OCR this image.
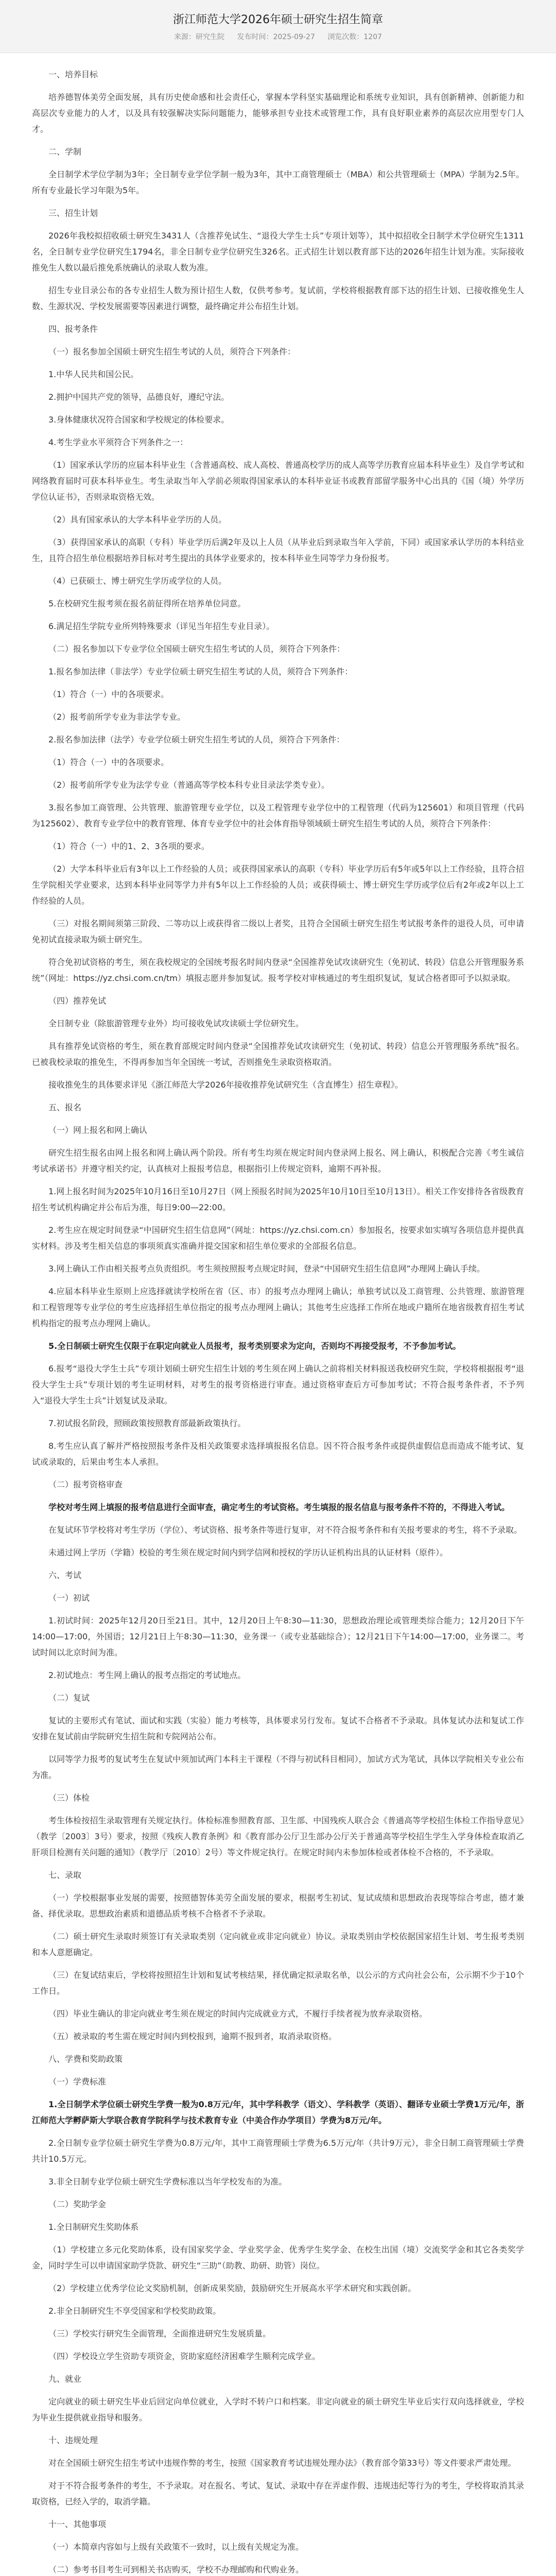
浙江师范大学2026年硕士研究生招生简章
来源：研究生院 发布时间：2025-09-27 浏览次数：1207

一、培养目标

培养德智体美劳全面发展，具有历史使命感和社会责任心，掌握本学科坚实基础理论和系统专业知识，具有创新精神、创新能力和高层次专业能力的人才，以及具有较强解决实际问题能力，能够承担专业技术或管理工作，具有良好职业素养的高层次应用型专门人才。

二、学制

全日制学术学位学制为3年；全日制专业学位学制一般为3年，其中工商管理硕士（MBA）和公共管理硕士（MPA）学制为2.5年。所有专业最长学习年限为5年。

三、招生计划

2026年我校拟招收硕士研究生3431人（含推荐免试生、“退役大学生士兵”专项计划等），其中拟招收全日制学术学位研究生1311名，全日制专业学位研究生1794名，非全日制专业学位研究生326名。正式招生计划以教育部下达的2026年招生计划为准。实际接收推免生人数以最后推免系统确认的录取人数为准。

招生专业目录公布的各专业招生人数为预计招生人数，仅供考参考。复试前，学校将根据教育部下达的招生计划、已接收推免生人数、生源状况、学校发展需要等因素进行调整，最终确定并公布招生计划。

四、报考条件

（一）报名参加全国硕士研究生招生考试的人员，须符合下列条件：

1.中华人民共和国公民。

2.拥护中国共产党的领导，品德良好，遵纪守法。

3.身体健康状况符合国家和学校规定的体检要求。

4.考生学业水平须符合下列条件之一：

（1）国家承认学历的应届本科毕业生（含普通高校、成人高校、普通高校学历的成人高等学历教育应届本科毕业生）及自学考试和网络教育届时可获本科毕业生。考生录取当年入学前必须取得国家承认的本科毕业证书或教育部留学服务中心出具的《国（境）外学历学位认证书》，否则录取资格无效。

（2）具有国家承认的大学本科毕业学历的人员。

（3）获得国家承认的高职（专科）毕业学历后满2年及以上人员（从毕业后到录取当年入学前，下同）或国家承认学历的本科结业生，且符合招生单位根据培养目标对考生提出的具体学业要求的，按本科毕业生同等学力身份报考。

（4）已获硕士、博士研究生学历或学位的人员。

5.在校研究生报考须在报名前征得所在培养单位同意。

6.满足招生学院专业所列特殊要求（详见当年招生专业目录）。

（二）报名参加以下专业学位全国硕士研究生招生考试的人员，须符合下列条件：

1.报名参加法律（非法学）专业学位硕士研究生招生考试的人员，须符合下列条件：

（1）符合（一）中的各项要求。

（2）报考前所学专业为非法学专业。

2.报名参加法律（法学）专业学位硕士研究生招生考试的人员，须符合下列条件：

（1）符合（一）中的各项要求。

（2）报考前所学专业为法学专业（普通高等学校本科专业目录法学类专业）。

3.报名参加工商管理、公共管理、旅游管理专业学位，以及工程管理专业学位中的工程管理（代码为125601）和项目管理（代码为125602）、教育专业学位中的教育管理、体育专业学位中的社会体育指导领域硕士研究生招生考试的人员，须符合下列条件：

（1）符合（一）中的1、2、3各项的要求。

（2）大学本科毕业后有3年以上工作经验的人员；或获得国家承认的高职（专科）毕业学历后有5年或5年以上工作经验，且符合招生学院相关学业要求，达到本科毕业同等学力并有5年以上工作经验的人员；或获得硕士、博士研究生学历或学位后有2年或2年以上工作经验的人员。

（三）对报名期间须第三阶段、二等功以上或获得省二级以上者奖，且符合全国硕士研究生招生考试报考条件的退役人员，可申请免初试直接录取为硕士研究生。

符合免初试资格的考生，须在我校规定的全国统考报名时间内登录“全国推荐免试攻读研究生（免初试、转段）信息公开管理服务系统”（网址：https://yz.chsi.com.cn/tm）填报志愿并参加复试。报考学校对审核通过的考生组织复试，复试合格者即可予以拟录取。

（四）推荐免试

全日制专业（除旅游管理专业外）均可接收免试攻读硕士学位研究生。

具有推荐免试资格的考生，须在教育部规定时间内登录“全国推荐免试攻读研究生（免初试、转段）信息公开管理服务系统”报名。已被我校录取的推免生，不得再参加当年全国统一考试，否则推免生录取资格取消。

接收推免生的具体要求详见《浙江师范大学2026年接收推荐免试研究生（含直博生）招生章程》。

五、报名

（一）网上报名和网上确认

研究生招生报名由网上报名和网上确认两个阶段。所有考生均须在规定时间内登录网上报名、网上确认，积极配合完善《考生诚信考试承诺书》并遵守相关约定，认真核对上报报考信息，根据指引上传规定资料，逾期不再补报。

1.网上报名时间为2025年10月16日至10月27日（网上预报名时间为2025年10月10日至10月13日）。相关工作安排待各省级教育招生考试机构确定并公布后为准，每日9:00—22:00。

2.考生应在规定时间登录“中国研究生招生信息网”（网址：https://yz.chsi.com.cn）参加报名，按要求如实填写各项信息并提供真实材料。涉及考生相关信息的事项须真实准确并提交国家和招生单位要求的全部报名信息。

3.网上确认工作由相关报考点负责组织。考生须按照报考点规定时间，登录“中国研究生招生信息网”办理网上确认手续。

4.应届本科毕业生原则上应选择就读学校所在省（区、市）的报考点办理网上确认；单独考试以及工商管理、公共管理、旅游管理和工程管理等专业学位的考生应选择招生单位指定的报考点办理网上确认；其他考生应选择工作所在地或户籍所在地省级教育招生考试机构指定的报考点办理网上确认。

5.全日制硕士研究生仅限于在职定向就业人员报考，报考类别要求为定向，否则均不再接受报考，不予参加考试。

6.报考“退役大学生士兵”专项计划硕士研究生招生计划的考生须在网上确认之前将相关材料报送我校研究生院，学校将根据报考“退役大学生士兵”专项计划的考生证明材料，对考生的报考资格进行审查。通过资格审查后方可参加考试；不符合报考条件者，不予列入“退役大学生士兵”计划复试及录取。

7.初试报名阶段，照顾政策按照教育部最新政策执行。

8.考生应认真了解并严格按照报考条件及相关政策要求选择填报报名信息。因不符合报考条件或提供虚假信息而造成不能考试、复试或录取的，后果由考生本人承担。

（二）报考资格审查

学校对考生网上填报的报考信息进行全面审查，确定考生的考试资格。考生填报的报名信息与报考条件不符的，不得进入考试。

在复试环节学校将对考生学历（学位）、考试资格、报考条件等进行复审，对不符合报考条件和有关报考要求的考生，将不予录取。

未通过网上学历（学籍）校验的考生须在规定时间内到学信网和授权的学历认证机构出具的认证材料（原件）。

六、考试

（一）初试

1.初试时间：2025年12月20日至21日。其中，12月20日上午8:30—11:30，思想政治理论或管理类综合能力；12月20日下午14:00—17:00，外国语；12月21日上午8:30—11:30，业务课一（或专业基础综合）；12月21日下午14:00—17:00，业务课二。考试时间以北京时间为准。

2.初试地点：考生网上确认的报考点指定的考试地点。

（二）复试

复试的主要形式有笔试、面试和实践（实验）能力考核等，具体要求另行发布。复试不合格者不予录取。具体复试办法和复试工作安排在复试前由学院研究生招生院和专院网站公布。

以同等学力报考的复试考生在复试中须加试两门本科主干课程（不得与初试科目相同），加试方式为笔试，具体以学院相关专业公布为准。

（三）体检

考生体检按招生录取管理有关规定执行。体检标准参照教育部、卫生部、中国残疾人联合会《普通高等学校招生体检工作指导意见》（教学〔2003〕3号）要求，按照《残疾人教育条例》和《教育部办公厅卫生部办公厅关于普通高等学校招生学生入学身体检查取消乙肝项目检测有关问题的通知》（教学厅〔2010〕2号）等文件规定执行。在规定时间内未参加体检或者体检不合格的，不予录取。

七、录取

（一）学校根据事业发展的需要，按照德智体美劳全面发展的要求，根据考生初试、复试成绩和思想政治表现等综合考虑，德才兼备、择优录取。思想政治素质和道德品质考核不合格者不予录取。

（二）硕士研究生录取时须签订有关录取类别（定向就业或非定向就业）协议。录取类别由学校依据国家招生计划、考生报考类别和本人意愿确定。

（三）在复试结束后，学校将按照招生计划和复试考核结果，择优确定拟录取名单，以公示的方式向社会公布，公示期不少于10个工作日。

（四）毕业生确认的非定向就业考生须在规定的时间内完成就业方式，不履行手续者视为放弃录取资格。

（五）被录取的考生需在规定时间内到校报到，逾期不报到者，取消录取资格。

八、学费和奖助政策

（一）学费标准

1.全日制学术学位硕士研究生学费一般为0.8万元/年，其中学科教学（语文）、学科教学（英语）、翻译专业硕士学费1万元/年，浙江师范大学孵萨斯大学联合教育学院科学与技术教育专业（中美合作办学项目）学费为8万元/年。

2.全日制专业学位硕士研究生学费为0.8万元/年，其中工商管理硕士学费为6.5万元/年（共计9万元），非全日制工商管理硕士学费共计10.5万元。

3.非全日制专业学位硕士研究生学费标准以当年学校发布的为准。

（二）奖助学金

1.全日制研究生奖助体系

（1）学校建立多元化奖助体系，设有国家奖学金、学业奖学金、优秀学生奖学金、在校生出国（境）交流奖学金和其它各类奖学金，同时学生可以申请国家助学贷款、研究生“三助”（助教、助研、助管）岗位。

（2）学校建立优秀学位论文奖励机制，创新成果奖励，鼓励研究生开展高水平学术研究和实践创新。

2.非全日制研究生不享受国家和学校奖助政策。

（三）学校实行研究生全面管理，全面推进研究生发展质量。

（四）学校设立学生资助专项资金，资助家庭经济困难学生顺利完成学业。

九、就业

定向就业的硕士研究生毕业后回定向单位就业，入学时不转户口和档案。非定向就业的硕士研究生毕业后实行双向选择就业，学校为毕业生提供就业指导和服务。

十、违规处理

对在全国硕士研究生招生考试中违规作弊的考生，按照《国家教育考试违规处理办法》（教育部令第33号）等文件要求严肃处理。

对于不符合报考条件的考生，不予录取。对在报名、考试、复试、录取中存在弄虚作假、违规违纪等行为的考生，学校将取消其录取资格，已经入学的，取消学籍。

十一、其他事项

（一）本简章内容如与上级有关政策不一致时，以上级有关规定为准。

（二）参考书目考生可到相关书店购买，学校不办理邮购和代购业务。
